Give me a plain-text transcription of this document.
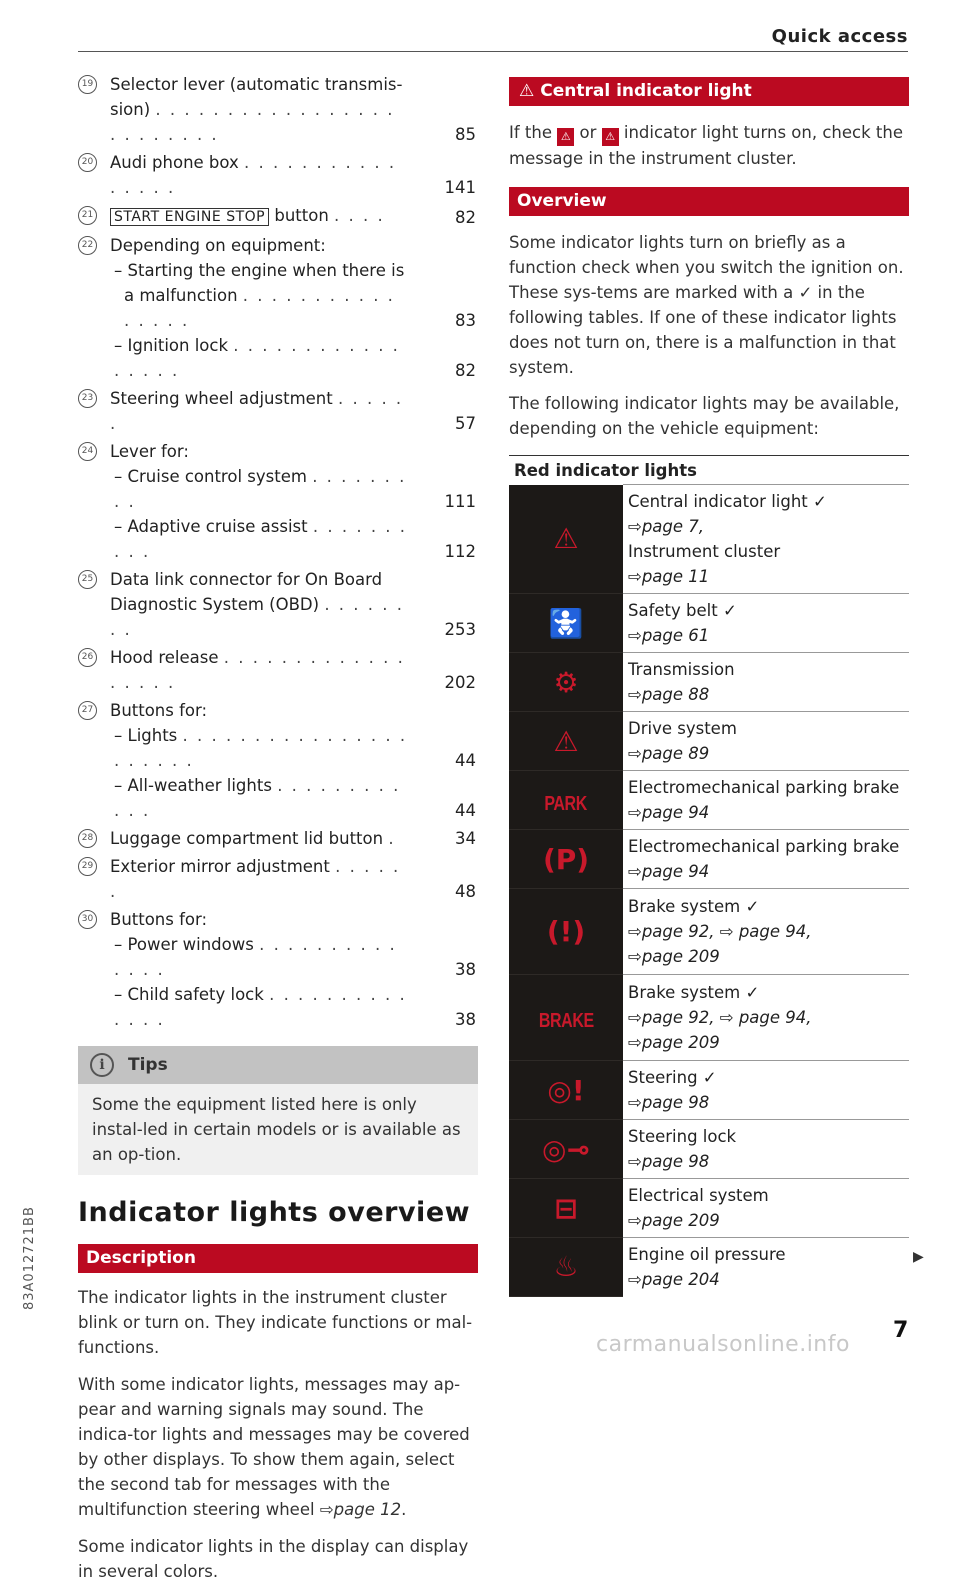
Quick access
83A012721BB
19	Selector lever (automatic transmis-
sion) . . . . . . . . . . . . . . . . . . . . . . . . .	85
20	Audi phone box . . . . . . . . . . . . . . . .	141
21	START ENGINE STOP button . . . .	82
22	Depending on equipment:
– Starting the engine when there is
a malfunction . . . . . . . . . . . . . . . .	83
– Ignition lock . . . . . . . . . . . . . . . . .	82
23	Steering wheel adjustment . . . . . .	57
24	Lever for:
– Cruise control system . . . . . . . . .	111
– Adaptive cruise assist . . . . . . . . . .	112
25	Data link connector for On Board
Diagnostic System (OBD) . . . . . . . .	253
26	Hood release . . . . . . . . . . . . . . . . . .	202
27	Buttons for:
– Lights . . . . . . . . . . . . . . . . . . . . . .	44
– All-weather lights . . . . . . . . . . . .	44
28	Luggage compartment lid button .	34
29	Exterior mirror adjustment . . . . . .	48
30	Buttons for:
– Power windows . . . . . . . . . . . . . .	38
– Child safety lock . . . . . . . . . . . . . .	38
i	Tips
Some the equipment listed here is only instal-led in certain models or is available as an op-tion.
Indicator lights overview
Description

The indicator lights in the instrument cluster blink or turn on. They indicate functions or mal-functions.

With some indicator lights, messages may ap-pear and warning signals may sound. The indica-tor lights and messages may be covered by other displays. To show them again, select the second tab for messages with the multifunction steering wheel ⇨page 12.

Some indicator lights in the display can display in several colors.

⚠ Central indicator light

If the ⚠ or ⚠ indicator light turns on, check the message in the instrument cluster.

Overview

Some indicator lights turn on briefly as a function check when you switch the ignition on. These sys-tems are marked with a ✓ in the following tables. If one of these indicator lights does not turn on, there is a malfunction in that system.

The following indicator lights may be available, depending on the vehicle equipment:

Red indicator lights
⚠	Central indicator light ✓
⇨page 7,
Instrument cluster
⇨page 11

🚼	Safety belt ✓
⇨page 61

⚙	Transmission
⇨page 88

⚠	Drive system
⇨page 89

PARK	Electromechanical parking brake
⇨page 94

(P)	Electromechanical parking brake
⇨page 94

(!)	Brake system ✓
⇨page 92, ⇨ page 94,
⇨page 209

BRAKE	Brake system ✓
⇨page 92, ⇨ page 94,
⇨page 209

◎!	Steering ✓
⇨page 98

◎⊸	Steering lock
⇨page 98

⊟	Electrical system
⇨page 209

♨	Engine oil pressure
⇨page 204
▶
7
carmanualsonline.info
